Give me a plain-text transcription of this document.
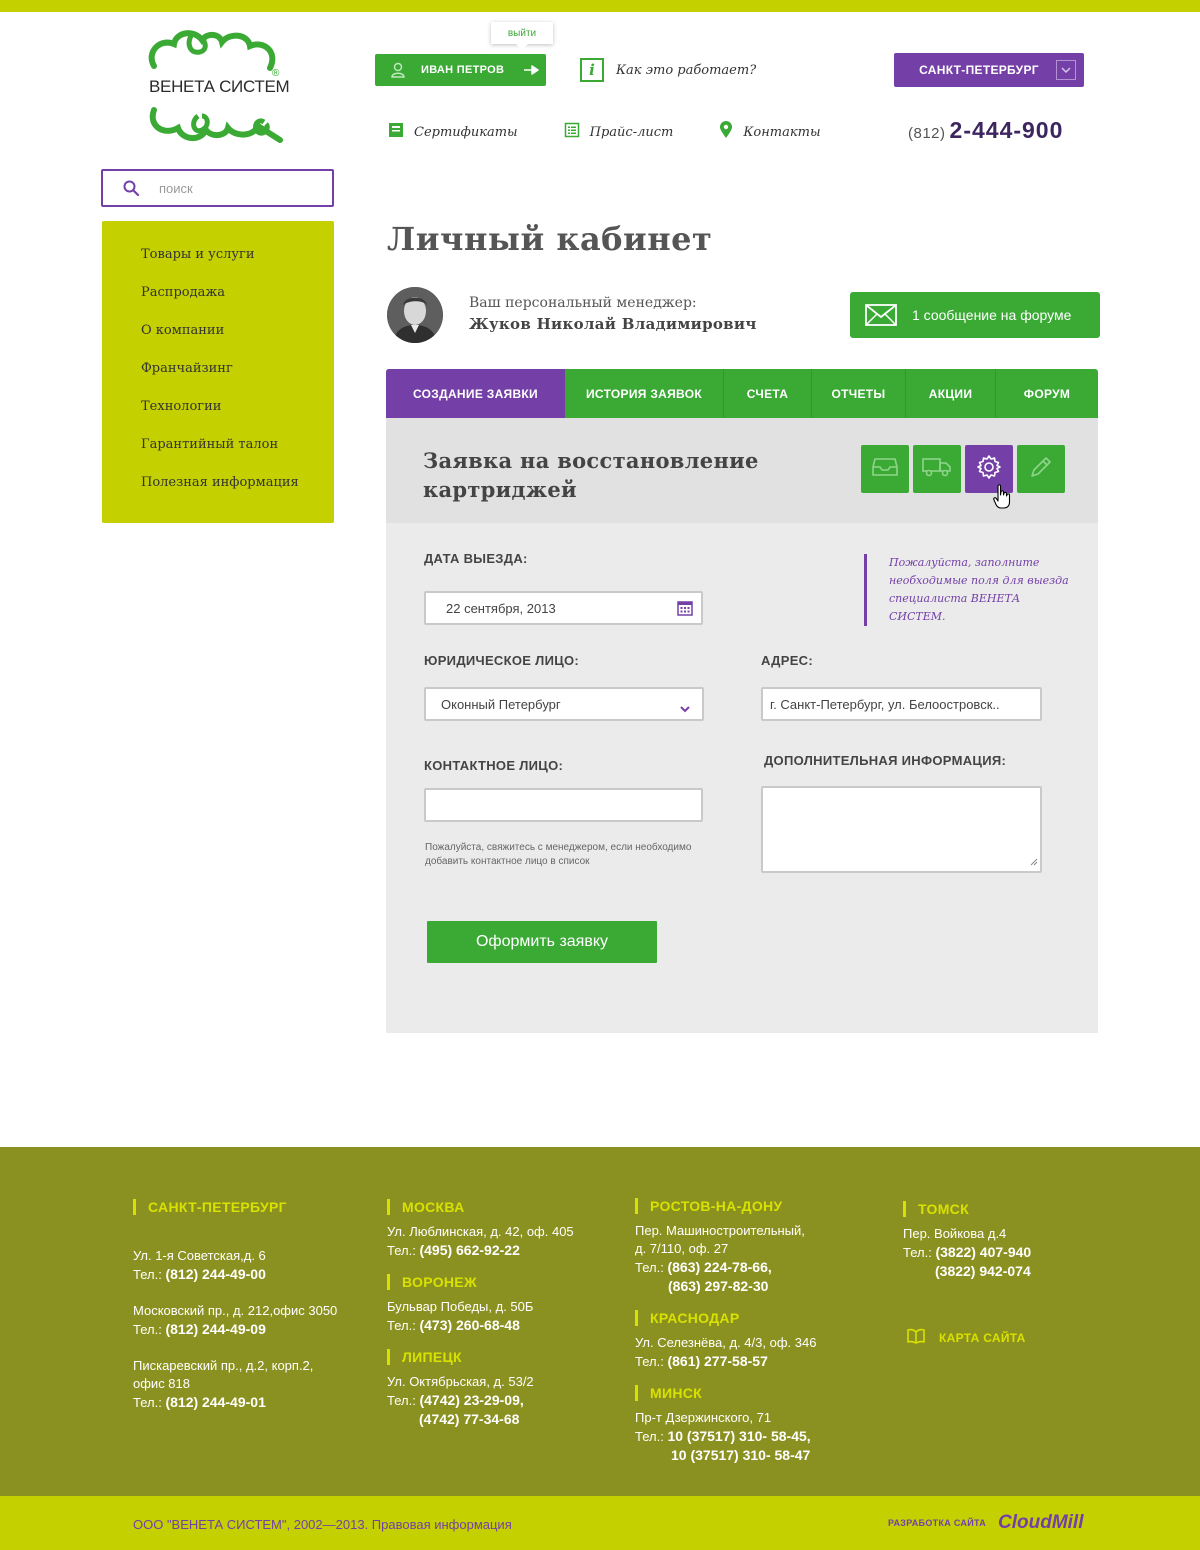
ВЕНЕТА СИСТЕМ
®
выйти
ИВАН ПЕТРОВ	i	Как это работает?	САНКТ-ПЕТЕРБУРГ
Сертификаты	Прайс-лист	Контакты	(812) 2-444-900
поиск
Товары и услуги
Распродажа
О компании
Франчайзинг
Технологии
Гарантийный талон
Полезная информация
Личный кабинет
Ваш персональный менеджер:
Жуков Николай Владимирович	1 сообщение на форуме
СОЗДАНИЕ ЗАЯВКИ	ИСТОРИЯ ЗАЯВОК	СЧЕТА	ОТЧЕТЫ	АКЦИИ	ФОРУМ
Заявка на восстановление картриджей
ДАТА ВЫЕЗДА:
22 сентября, 2013
Пожалуйста, заполните необходимые поля для выезда специалиста ВЕНЕТА СИСТЕМ.
ЮРИДИЧЕСКОЕ ЛИЦО:
Оконный Петербург
АДРЕС:
г. Санкт-Петербург, ул. Белоостровск..
КОНТАКТНОЕ ЛИЦО:
Пожалуйста, свяжитесь с менеджером, если необходимо добавить контактное лицо в список
ДОПОЛНИТЕЛЬНАЯ ИНФОРМАЦИЯ:
Оформить заявку
САНКТ-ПЕТЕРБУРГ

Ул. 1-я Советская,д. 6

Тел.: (812) 244-49-00

Московский пр., д. 212,офис 3050

Тел.: (812) 244-49-09

Пискаревский пр., д.2, корп.2,

офис 818

Тел.: (812) 244-49-01

МОСКВА

Ул. Люблинская, д. 42, оф. 405

Тел.: (495) 662-92-22

ВОРОНЕЖ

Бульвар Победы, д. 50Б

Тел.: (473) 260-68-48

ЛИПЕЦК

Ул. Октябрьская, д. 53/2

Тел.: (4742) 23-29-09,

(4742) 77-34-68

РОСТОВ-НА-ДОНУ

Пер. Машиностроительный,

д. 7/110, оф. 27

Тел.: (863) 224-78-66,

(863) 297-82-30

КРАСНОДАР

Ул. Селезнёва, д. 4/3, оф. 346

Тел.: (861) 277-58-57

МИНСК

Пр-т Дзержинского, 71

Тел.: 10 (37517) 310- 58-45,

10 (37517) 310- 58-47

ТОМСК

Пер. Войкова д.4

Тел.: (3822) 407-940

(3822) 942-074

КАРТА САЙТА
ООО "ВЕНЕТА СИСТЕМ", 2002—2013. Правовая информация	РАЗРАБОТКА САЙТА CloudMill
